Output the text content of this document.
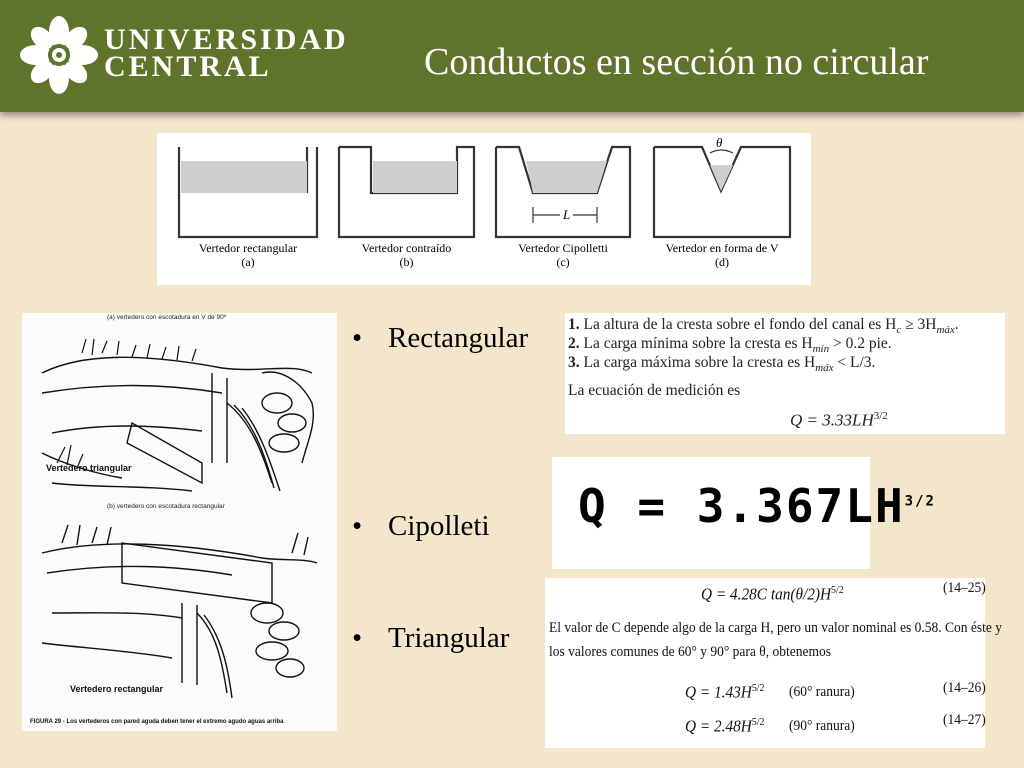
UNIVERSIDAD
CENTRAL	Conductos en sección no circular
L
θ
Vertedor rectangular
(a)
Vertedor contraído
(b)
Vertedor Cipolletti
(c)
Vertedor en forma de V
(d)
(a) vertedero con escotadura en V de 90º
Vertedero triangular
(b) vertedero con escotadura rectangular
Vertedero rectangular
FIGURA 29 - Los vertederos con pared aguda deben tener el extremo agudo aguas arriba
• Rectangular
• Cipolleti
• Triangular
1. La altura de la cresta sobre el fondo del canal es $H_c \ge 3H_{máx}$.
2. La carga mínima sobre la cresta es $H_{mín} > 0.2$ pie.
3. La carga máxima sobre la cresta es $H_{máx} < L/3$.
La ecuación de medición es
$Q = 3.33LH^{3/2}$
$Q = 3.367LH^{3/2}$
Q = 4.28C $\tan(\theta/2)H^{5/2}$	(14–25)
El valor de C depende algo de la carga H, pero un valor nominal es 0.58. Con éste y
los valores comunes de 60° y 90° para θ, obtenemos
$Q = 1.43H^{5/2}$ (60° ranura)	(14–26)
$Q = 2.48H^{5/2}$ (90° ranura)	(14–27)
